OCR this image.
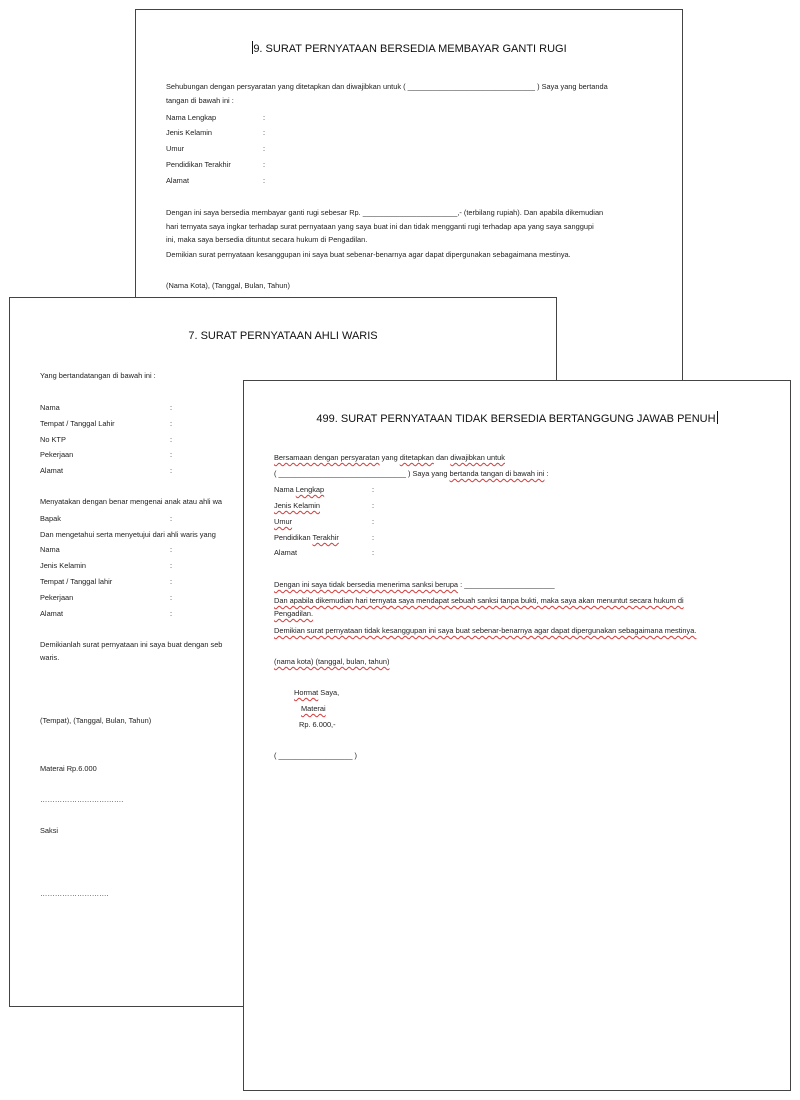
9. SURAT PERNYATAAN BERSEDIA MEMBAYAR GANTI RUGI
Sehubungan dengan persyaratan yang ditetapkan dan diwajibkan untuk ( _______________________________ ) Saya yang bertanda
tangan di bawah ini :
Nama Lengkap	:
Jenis Kelamin	:
Umur	:
Pendidikan Terakhir	:
Alamat	:
Dengan ini saya bersedia membayar ganti rugi sebesar Rp. _______________________,- (terbilang rupiah). Dan apabila dikemudian
hari ternyata saya ingkar terhadap surat pernyataan yang saya buat ini dan tidak mengganti rugi terhadap apa yang saya sanggupi
ini, maka saya bersedia dituntut secara hukum di Pengadilan.
Demikian surat pernyataan kesanggupan ini saya buat sebenar-benarnya agar dapat dipergunakan sebagaimana mestinya.
(Nama Kota), (Tanggal, Bulan, Tahun)
7. SURAT PERNYATAAN AHLI WARIS
Yang bertandatangan di bawah ini :
Nama	:
Tempat / Tanggal Lahir	:
No KTP	:
Pekerjaan	:
Alamat	:
Menyatakan dengan benar mengenai anak atau ahli wa
Bapak	:
Dan mengetahui serta menyetujui dari ahli waris yang
Nama	:
Jenis Kelamin	:
Tempat / Tanggal lahir	:
Pekerjaan	:
Alamat	:
Demikianlah surat pernyataan ini saya buat dengan seb
waris.
(Tempat), (Tanggal, Bulan, Tahun)
Materai Rp.6.000
…………………………….
Saksi
……………………….
499. SURAT PERNYATAAN TIDAK BERSEDIA BERTANGGUNG JAWAB PENUH
Bersamaan dengan persyaratan yang ditetapkan dan diwajibkan untuk
( _______________________________ ) Saya yang bertanda tangan di bawah ini :
Nama Lengkap	:
Jenis Kelamin	:
Umur	:
Pendidikan Terakhir	:
Alamat	:
Dengan ini saya tidak bersedia menerima sanksi berupa : ______________________
Dan apabila dikemudian hari ternyata saya mendapat sebuah sanksi tanpa bukti, maka saya akan menuntut secara hukum di
Pengadilan.
Demikian surat pernyataan tidak kesanggupan ini saya buat sebenar-benarnya agar dapat dipergunakan sebagaimana mestinya.
(nama kota) (tanggal, bulan, tahun)
Hormat Saya,
Materai
Rp. 6.000,-
( __________________ )
